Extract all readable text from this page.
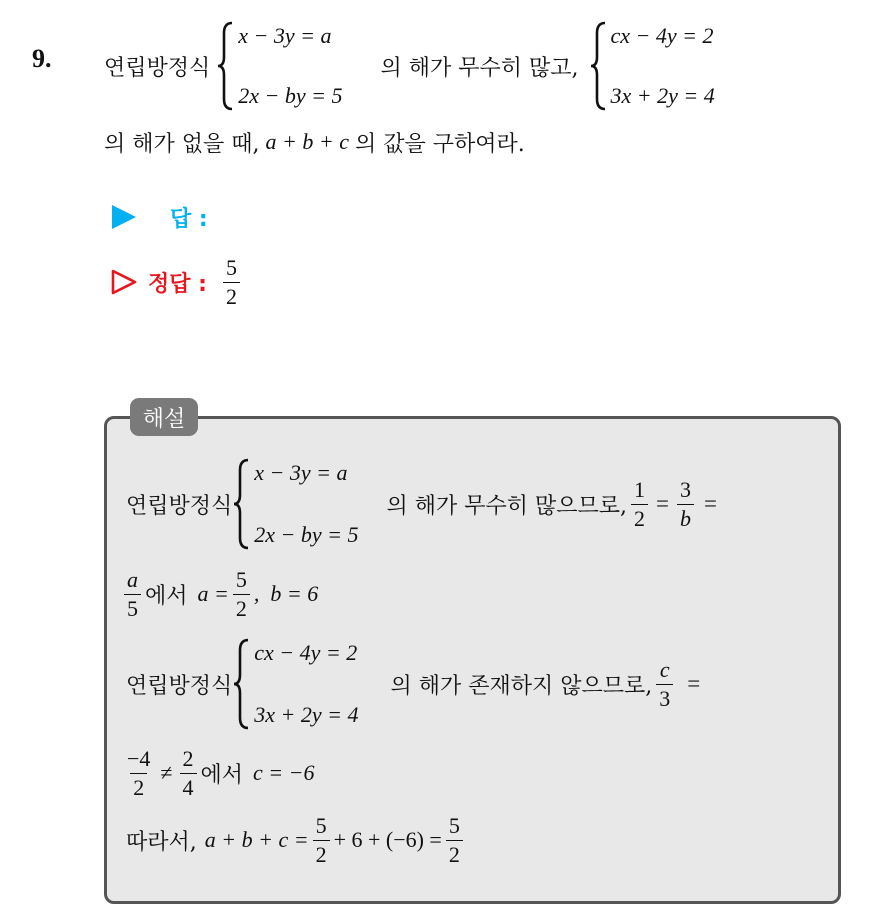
9. 연립방정식
x − 3y = a
2x − by = 5
의 해가 무수히 많고,
cx − 4y = 2
3x + 2y = 4
의 해가 없을 때, a + b + c 의 값을 구하여라.
답 :
정답 : $\frac{5}{2}$
해설
연립방정식
x − 3y = a
2x − by = 5
의 해가 무수히 많으므로, $\frac{1}{2} = \frac{3}{b}$ =
$\frac{a}{5}$ 에서 $a = \frac{5}{2}$ ,  b = 6
연립방정식
cx − 4y = 2
3x + 2y = 4
의 해가 존재하지 않으므로, $\frac{c}{3}$ =
$\frac{-4}{2} \ne \frac{2}{4}$ 에서 c = −6
따라서, $a + b + c = \frac{5}{2} + 6 + (-6) = \frac{5}{2}$
